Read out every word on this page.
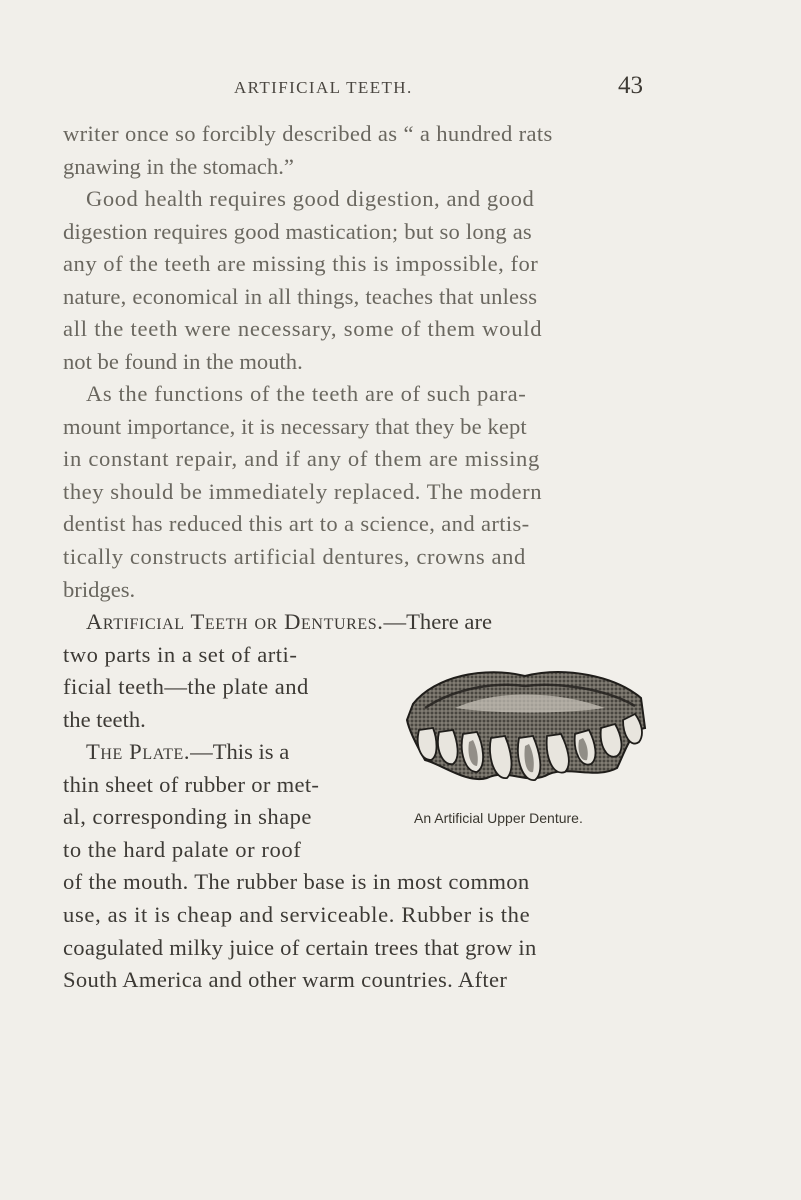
ARTIFICIAL TEETH.	43
writer once so forcibly described as “ a hundred rats
gnawing in the stomach.”
Good health requires good digestion, and good
digestion requires good mastication; but so long as
any of the teeth are missing this is impossible, for
nature, economical in all things, teaches that unless
all the teeth were necessary, some of them would
not be found in the mouth.
As the functions of the teeth are of such para-
mount importance, it is necessary that they be kept
in constant repair, and if any of them are missing
they should be immediately replaced. The modern
dentist has reduced this art to a science, and artis-
tically constructs artificial dentures, crowns and
bridges.
Artificial Teeth or Dentures.—There are
two parts in a set of arti-
ficial teeth—the plate and
the teeth.
The Plate.—This is a
thin sheet of rubber or met-
al, corresponding in shape
to the hard palate or roof
of the mouth. The rubber base is in most common
use, as it is cheap and serviceable. Rubber is the
coagulated milky juice of certain trees that grow in
South America and other warm countries. After
An Artificial Upper Denture.
